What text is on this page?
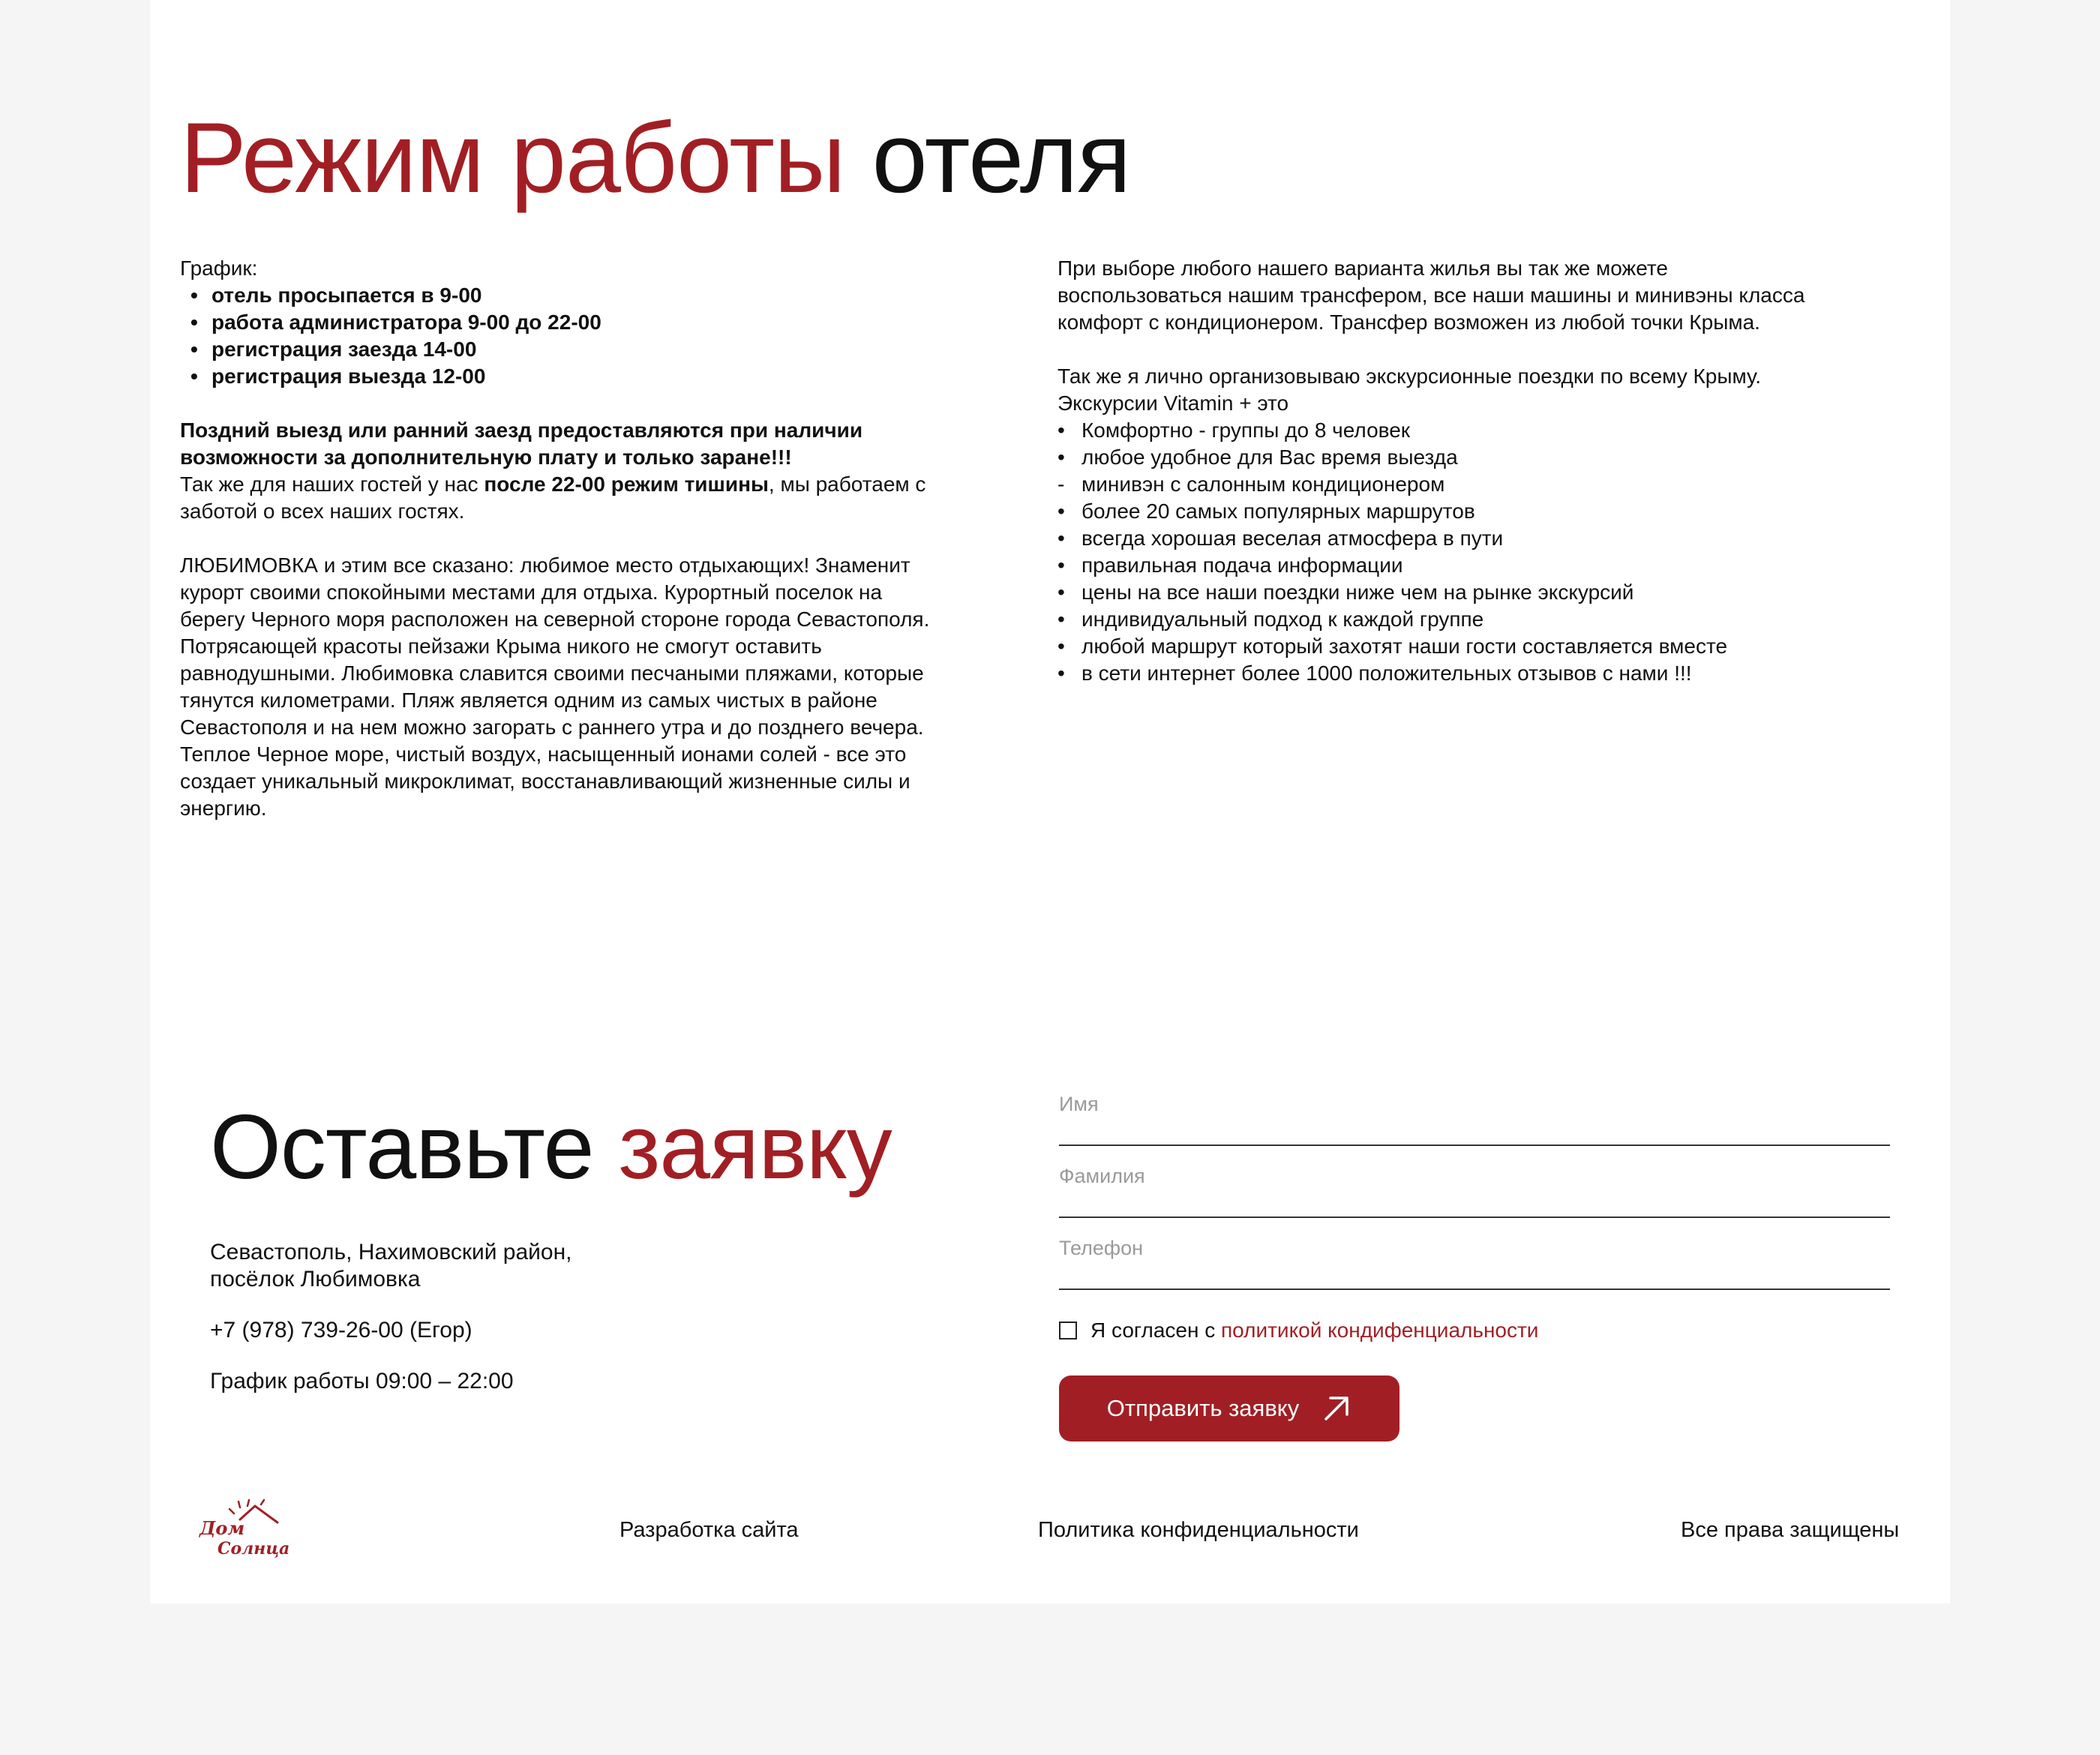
Режим работы отеля

График:

• отель просыпается в 9-00
• работа администратора 9-00 до 22-00
• регистрация заезда 14-00
• регистрация выезда 12-00

Поздний выезд или ранний заезд предоставляются при наличии возможности за дополнительную плату и только заране!!!

Так же для наших гостей у нас после 22-00 режим тишины, мы работаем с заботой о всех наших гостях.

ЛЮБИМОВКА и этим все сказано: любимое место отдыхающих! Знаменит курорт своими спокойными местами для отдыха. Курортный поселок на берегу Черного моря расположен на северной стороне города Севастополя. Потрясающей красоты пейзажи Крыма никого не смогут оставить равнодушными. Любимовка славится своими песчаными пляжами, которые тянутся километрами. Пляж является одним из самых чистых в районе Севастополя и на нем можно загорать с раннего утра и до позднего вечера. Теплое Черное море, чистый воздух, насыщенный ионами солей - все это создает уникальный микроклимат, восстанавливающий жизненные силы и энергию.

При выборе любого нашего варианта жилья вы так же можете воспользоваться нашим трансфером, все наши машины и минивэны класса комфорт с кондиционером. Трансфер возможен из любой точки Крыма.

Так же я лично организовываю экскурсионные поездки по всему Крыму.

Экскурсии Vitamin + это

• Комфортно - группы до 8 человек
• любое удобное для Вас время выезда
- минивэн с салонным кондиционером
• более 20 самых популярных маршрутов
• всегда хорошая веселая атмосфера в пути
• правильная подача информации
• цены на все наши поездки ниже чем на рынке экскурсий
• индивидуальный подход к каждой группе
• любой маршрут который захотят наши гости составляется вместе
• в сети интернет более 1000 положительных отзывов с нами !!!
Оставьте заявку

Севастополь, Нахимовский район,
посёлок Любимовка

+7 (978) 739-26-00 (Егор)

График работы 09:00 – 22:00

Имя
Фамилия
Телефон
Я согласен с
политикой кондифенциальности
Отправить заявку
Дом
Солнца
Разработка сайта	Политика конфиденциальности	Все права защищены
